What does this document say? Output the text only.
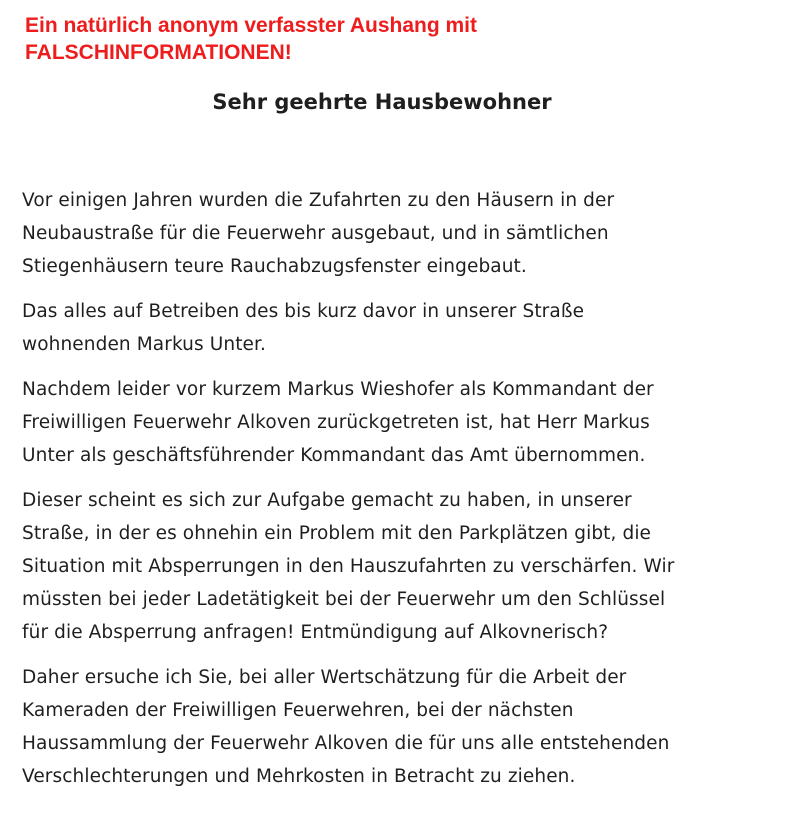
Ein natürlich anonym verfasster Aushang mit
FALSCHINFORMATIONEN!
Sehr geehrte Hausbewohner
Vor einigen Jahren wurden die Zufahrten zu den Häusern in der
Neubaustraße für die Feuerwehr ausgebaut, und in sämtlichen
Stiegenhäusern teure Rauchabzugsfenster eingebaut.
Das alles auf Betreiben des bis kurz davor in unserer Straße
wohnenden Markus Unter.
Nachdem leider vor kurzem Markus Wieshofer als Kommandant der
Freiwilligen Feuerwehr Alkoven zurückgetreten ist, hat Herr Markus
Unter als geschäftsführender Kommandant das Amt übernommen.
Dieser scheint es sich zur Aufgabe gemacht zu haben, in unserer
Straße, in der es ohnehin ein Problem mit den Parkplätzen gibt, die
Situation mit Absperrungen in den Hauszufahrten zu verschärfen. Wir
müssten bei jeder Ladetätigkeit bei der Feuerwehr um den Schlüssel
für die Absperrung anfragen! Entmündigung auf Alkovnerisch?
Daher ersuche ich Sie, bei aller Wertschätzung für die Arbeit der
Kameraden der Freiwilligen Feuerwehren, bei der nächsten
Haussammlung der Feuerwehr Alkoven die für uns alle entstehenden
Verschlechterungen und Mehrkosten in Betracht zu ziehen.
